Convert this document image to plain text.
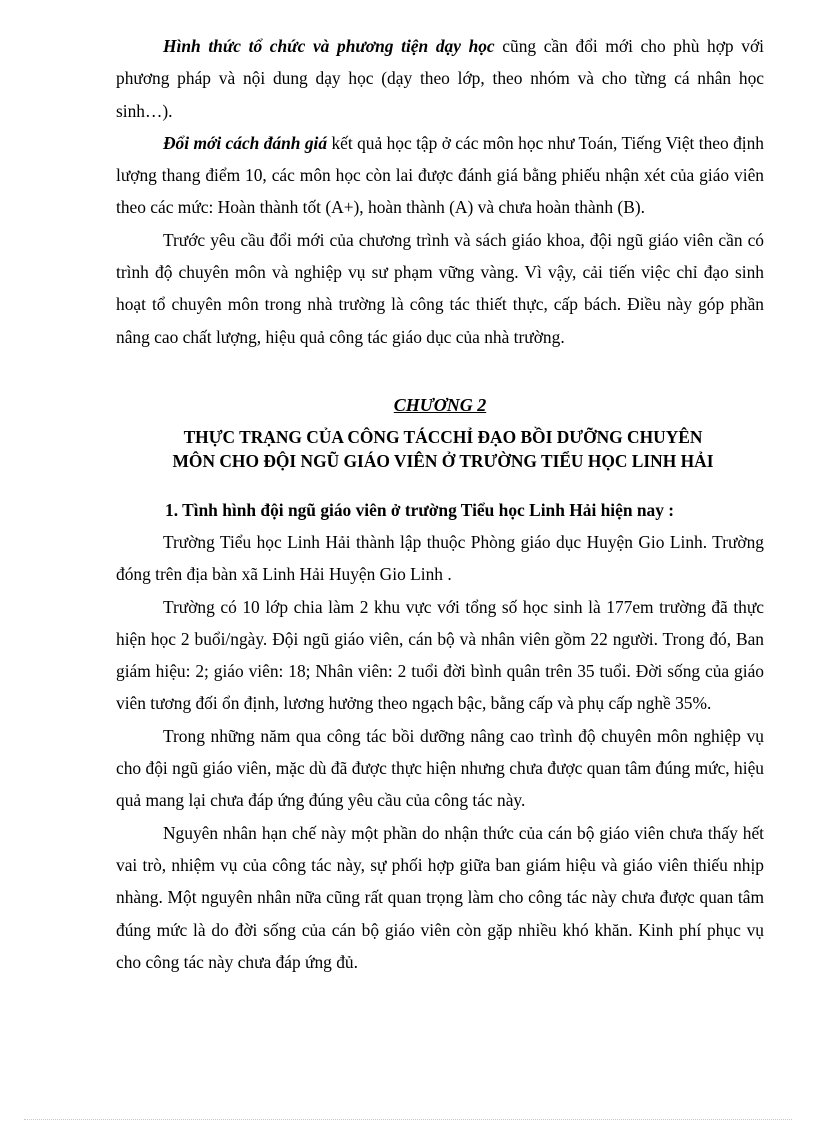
Hình thức tổ chức và phương tiện dạy học cũng cần đổi mới cho phù hợp với phương pháp và nội dung dạy học (dạy theo lớp, theo nhóm và cho từng cá nhân học sinh…).

Đổi mới cách đánh giá kết quả học tập ở các môn học như Toán, Tiếng Việt theo định lượng thang điểm 10, các môn học còn lai được đánh giá bằng phiếu nhận xét của giáo viên theo các mức: Hoàn thành tốt (A+), hoàn thành (A) và chưa hoàn thành (B).

Trước yêu cầu đổi mới của chương trình và sách giáo khoa, đội ngũ giáo viên cần có trình độ chuyên môn và nghiệp vụ sư phạm vững vàng. Vì vậy, cải tiến việc chỉ đạo sinh hoạt tổ chuyên môn trong nhà trường là công tác thiết thực, cấp bách. Điều này góp phần nâng cao chất lượng, hiệu quả công tác giáo dục của nhà trường.

CHƯƠNG 2
THỰC TRẠNG CỦA CÔNG TÁCCHỈ ĐẠO BỒI DƯỠNG CHUYÊN
MÔN CHO ĐỘI NGŨ GIÁO VIÊN Ở TRƯỜNG TIỂU HỌC LINH HẢI
1. Tình hình đội ngũ giáo viên ở trường Tiểu học Linh Hải hiện nay :

Trường Tiểu học Linh Hải thành lập thuộc Phòng giáo dục Huyện Gio Linh. Trường đóng trên địa bàn xã Linh Hải Huyện Gio Linh .

Trường có 10 lớp chia làm 2 khu vực với tổng số học sinh là 177em trường đã thực hiện học 2 buổi/ngày. Đội ngũ giáo viên, cán bộ và nhân viên gồm 22 người. Trong đó, Ban giám hiệu: 2; giáo viên: 18; Nhân viên: 2 tuổi đời bình quân trên 35 tuổi. Đời sống của giáo viên tương đối ổn định, lương hưởng theo ngạch bậc, bằng cấp và phụ cấp nghề 35%.

Trong những năm qua công tác bồi dưỡng nâng cao trình độ chuyên môn nghiệp vụ cho đội ngũ giáo viên, mặc dù đã được thực hiện nhưng chưa được quan tâm đúng mức, hiệu quả mang lại chưa đáp ứng đúng yêu cầu của công tác này.

Nguyên nhân hạn chế này một phần do nhận thức của cán bộ giáo viên chưa thấy hết vai trò, nhiệm vụ của công tác này, sự phối hợp giữa ban giám hiệu và giáo viên thiếu nhịp nhàng. Một nguyên nhân nữa cũng rất quan trọng làm cho công tác này chưa được quan tâm đúng mức là do đời sống của cán bộ giáo viên còn gặp nhiều khó khăn. Kinh phí phục vụ cho công tác này chưa đáp ứng đủ.
